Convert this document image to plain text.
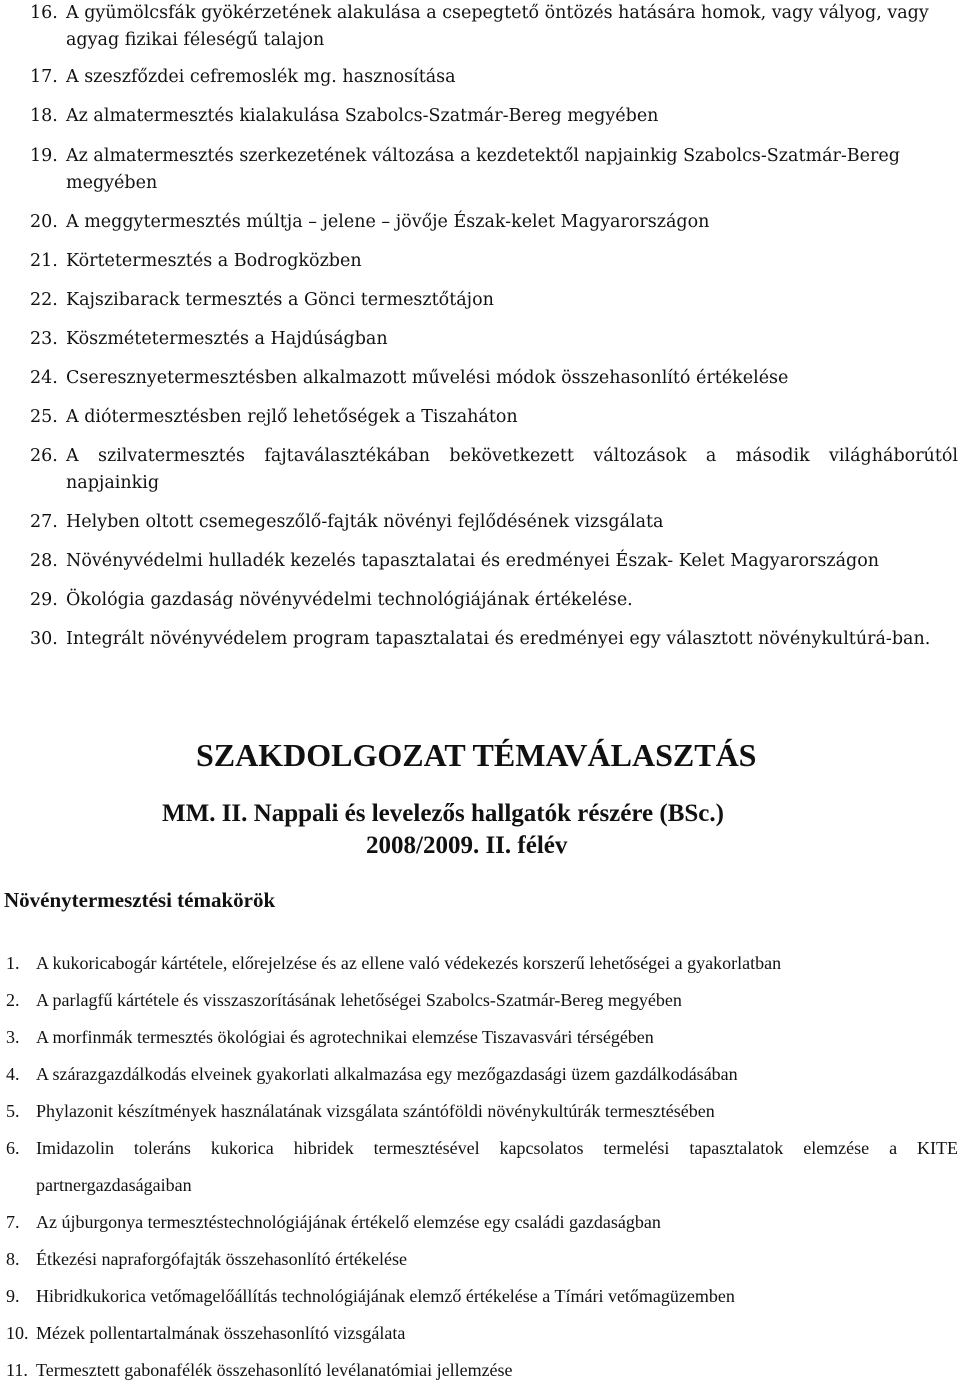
16. A gyümölcsfák gyökérzetének alakulása a csepegtető öntözés hatására homok, vagy vályog, vagy agyag fizikai féleségű talajon
17. A szeszfőzdei cefremoslék mg. hasznosítása
18. Az almatermesztés kialakulása Szabolcs-Szatmár-Bereg megyében
19. Az almatermesztés szerkezetének változása a kezdetektől napjainkig Szabolcs-Szatmár-Bereg megyében
20. A meggytermesztés múltja – jelene – jövője Észak-kelet Magyarországon
21. Körtetermesztés a Bodrogközben
22. Kajszibarack termesztés a Gönci termesztőtájon
23. Köszmétetermesztés a Hajdúságban
24. Cseresznyetermesztésben alkalmazott művelési módok összehasonlító értékelése
25. A diótermesztésben rejlő lehetőségek a Tiszaháton
26. A szilvatermesztés fajtaválasztékában bekövetkezett változások a második világháborútól napjainkig
27. Helyben oltott csemegeszőlő-fajták növényi fejlődésének vizsgálata
28. Növényvédelmi hulladék kezelés tapasztalatai és eredményei Észak- Kelet Magyarországon
29. Ökológia gazdaság növényvédelmi technológiájának értékelése.
30. Integrált növényvédelem program tapasztalatai és eredményei egy választott növénykultúrá-ban.
SZAKDOLGOZAT TÉMAVÁLASZTÁS
MM. II. Nappali és levelezős hallgatók részére (BSc.)
2008/2009. II. félév
Növénytermesztési témakörök
1. A kukoricabogár kártétele, előrejelzése és az ellene való védekezés korszerű lehetőségei a gyakorlatban
2. A parlagfű kártétele és visszaszorításának lehetőségei Szabolcs-Szatmár-Bereg megyében
3. A morfinmák termesztés ökológiai és agrotechnikai elemzése Tiszavasvári térségében
4. A szárazgazdálkodás elveinek gyakorlati alkalmazása egy mezőgazdasági üzem gazdálkodásában
5. Phylazonit készítmények használatának vizsgálata szántóföldi növénykultúrák termesztésében
6. Imidazolin toleráns kukorica hibridek termesztésével kapcsolatos termelési tapasztalatok elemzése a KITE partnergazdaságaiban
7. Az újburgonya termesztéstechnológiájának értékelő elemzése egy családi gazdaságban
8. Étkezési napraforgófajták összehasonlító értékelése
9. Hibridkukorica vetőmagelőállítás technológiájának elemző értékelése a Tímári vetőmagüzemben
10. Mézek pollentartalmának összehasonlító vizsgálata
11. Termesztett gabonafélék összehasonlító levélanatómiai jellemzése
